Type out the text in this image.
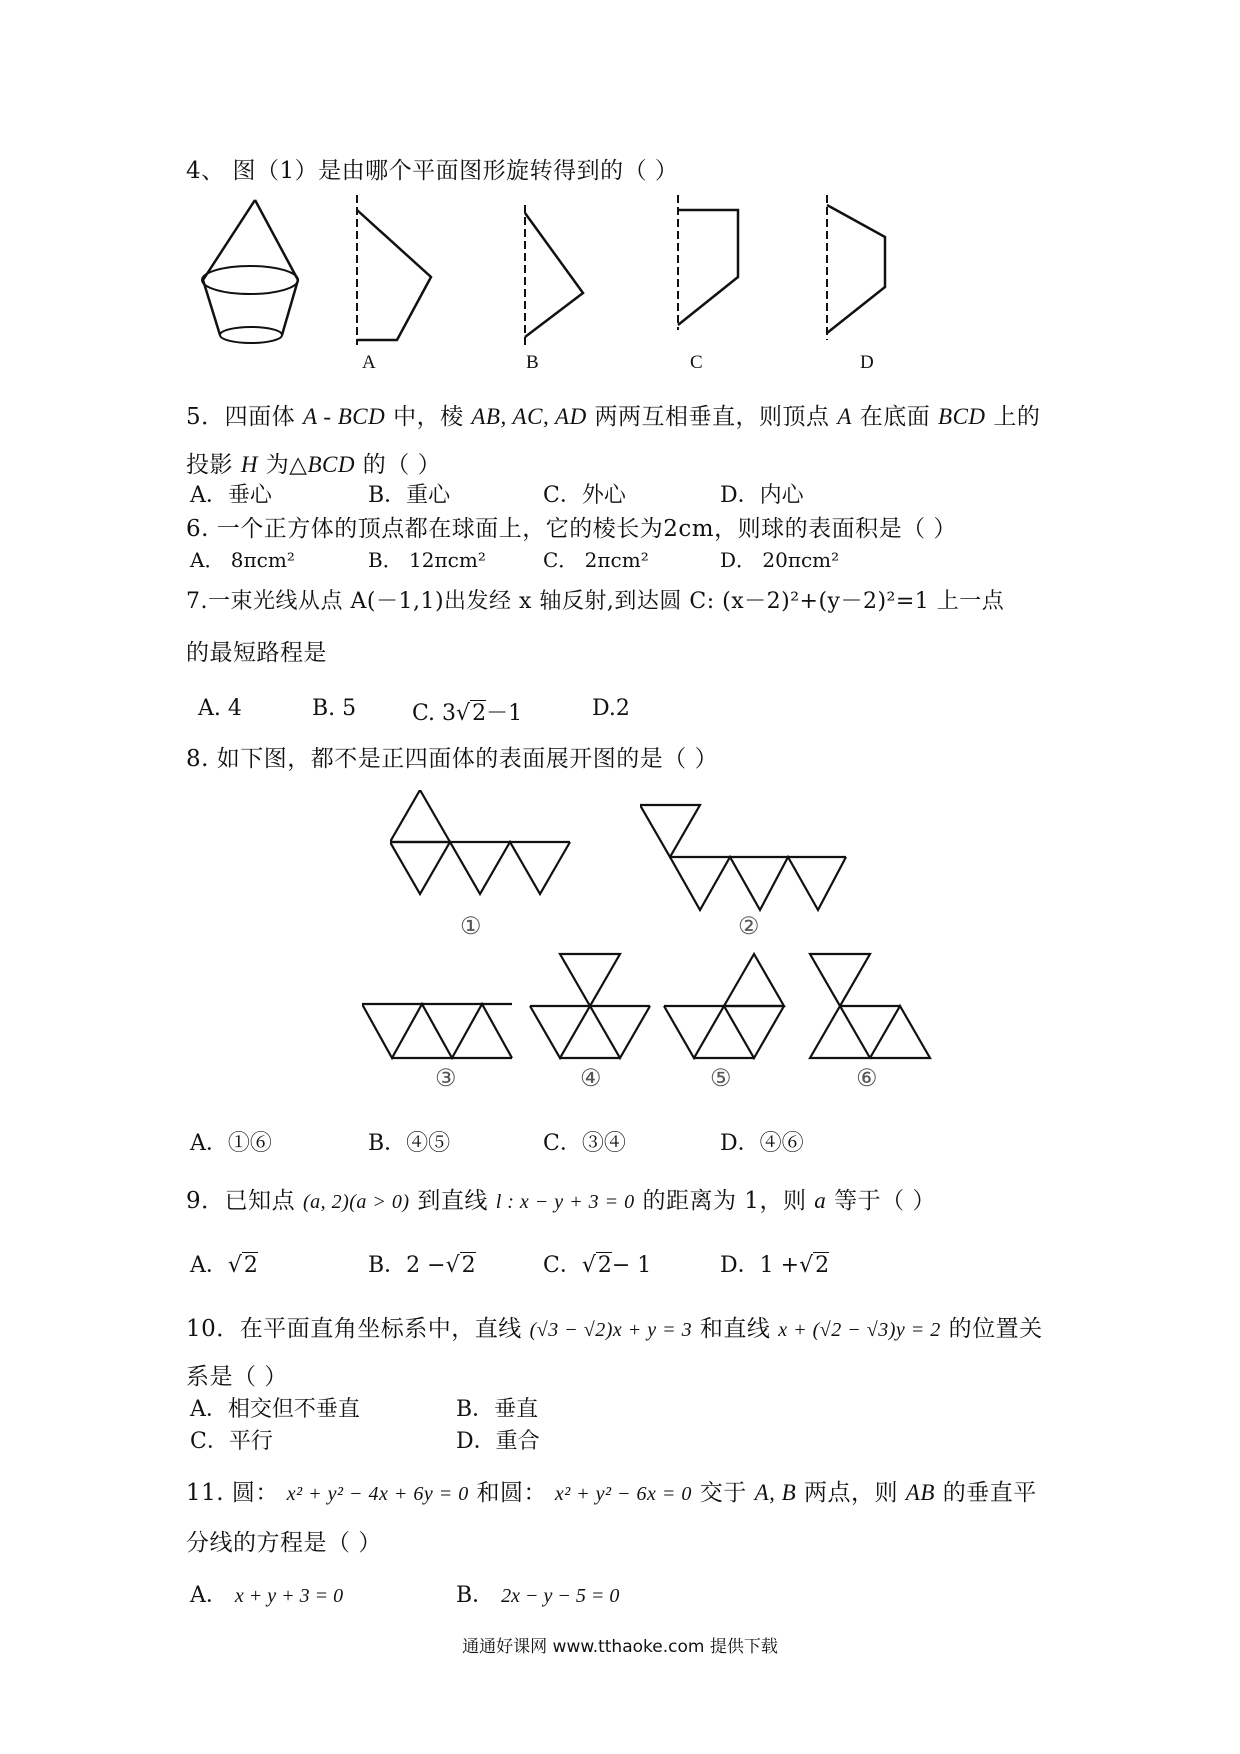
4、 图（1）是由哪个平面图形旋转得到的（ ）
A	B	C	D
5．四面体 A - BCD 中，棱 AB, AC, AD 两两互相垂直，则顶点 A 在底面 BCD 上的
投影 H 为△BCD 的（ ）
A．垂心	B．重心	C．外心	D．内心
6. 一个正方体的顶点都在球面上，它的棱长为2cm，则球的表面积是（ ）
A． 8πcm²	B． 12πcm²	C． 2πcm²	D． 20πcm²
7.一束光线从点 A(－1,1)出发经 x 轴反射,到达圆 C: (x－2)²+(y－2)²=1 上一点
的最短路程是
A. 4	B. 5	C. 3√2－1	D.2
8. 如下图，都不是正四面体的表面展开图的是（ ）
①	②
③	④	⑤	⑥
A．①⑥	B．④⑤	C．③④	D．④⑥
9．已知点 (a, 2)(a > 0) 到直线 l : x − y + 3 = 0 的距离为 1，则 a 等于（ ）
A．√2	B．2 −√2	C．√2− 1	D．1 +√2
10．在平面直角坐标系中，直线 (√3 − √2)x + y = 3 和直线 x + (√2 − √3)y = 2 的位置关
系是（ ）
A．相交但不垂直	B．垂直
C．平行	D．重合
11. 圆： x² + y² − 4x + 6y = 0 和圆： x² + y² − 6x = 0 交于 A, B 两点，则 AB 的垂直平
分线的方程是（ ）
A． x + y + 3 = 0	B． 2x − y − 5 = 0
通通好课网 www.tthaoke.com 提供下载
